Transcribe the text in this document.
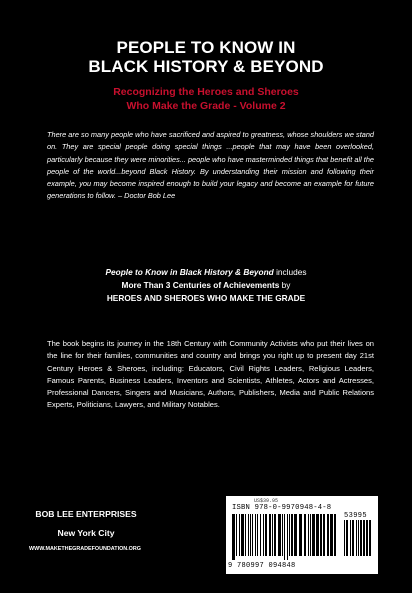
PEOPLE TO KNOW IN
BLACK HISTORY & BEYOND
Recognizing the Heroes and Sheroes
Who Make the Grade - Volume 2
There are so many people who have sacrificed and aspired to greatness, whose shoulders we stand on. They are special people doing special things ...people that may have been overlooked, particularly because they were minorities... people who have masterminded things that benefit all the people of the world...beyond Black History. By understanding their mission and following their example, you may become inspired enough to build your legacy and become an example for future generations to follow. – Doctor Bob Lee
People to Know in Black History & Beyond includes
More Than 3 Centuries of Achievements by
HEROES AND SHEROES WHO MAKE THE GRADE
The book begins its journey in the 18th Century with Community Activists who put their lives on the line for their families, communities and country and brings you right up to present day 21st Century Heroes & Sheroes, including: Educators, Civil Rights Leaders, Religious Leaders, Famous Parents, Business Leaders, Inventors and Scientists, Athletes, Actors and Actresses, Professional Dancers, Singers and Musicians, Authors, Publishers, Media and Public Relations Experts, Politicians, Lawyers, and Military Notables.
BOB LEE ENTERPRISES
New York City
WWW.MAKETHEGRADEFOUNDATION.ORG
US$39.95
ISBN 978-0-9970948-4-8
53995
9 780997 094848
